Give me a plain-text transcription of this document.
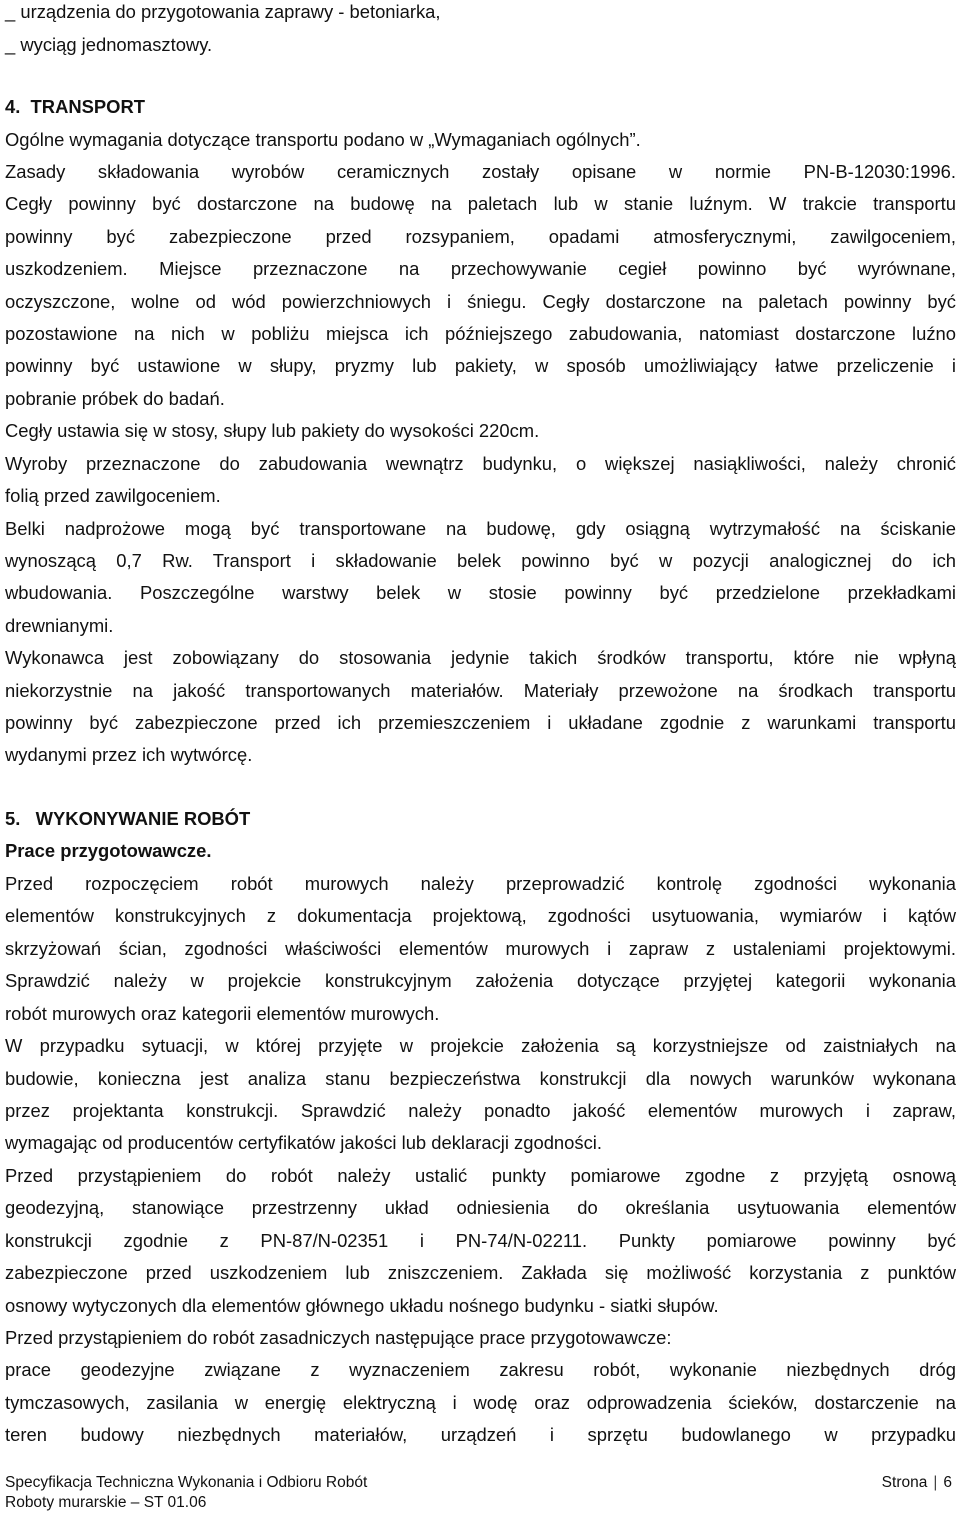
_ urządzenia do przygotowania zaprawy - betoniarka,
_ wyciąg jednomasztowy.
4.  TRANSPORT
Ogólne wymagania dotyczące transportu podano w „Wymaganiach ogólnych”.
Zasady składowania wyrobów ceramicznych zostały opisane w normie PN-B-12030:1996.
Cegły powinny być dostarczone na budowę na paletach lub w stanie luźnym. W trakcie transportu
powinny być zabezpieczone przed rozsypaniem, opadami atmosferycznymi, zawilgoceniem,
uszkodzeniem. Miejsce przeznaczone na przechowywanie cegieł powinno być wyrównane,
oczyszczone, wolne od wód powierzchniowych i śniegu. Cegły dostarczone na paletach powinny być
pozostawione na nich w pobliżu miejsca ich późniejszego zabudowania, natomiast dostarczone luźno
powinny być ustawione w słupy, pryzmy lub pakiety, w sposób umożliwiający łatwe przeliczenie i
pobranie próbek do badań.
Cegły ustawia się w stosy, słupy lub pakiety do wysokości 220cm.
Wyroby przeznaczone do zabudowania wewnątrz budynku, o większej nasiąkliwości, należy chronić
folią przed zawilgoceniem.
Belki nadprożowe mogą być transportowane na budowę, gdy osiągną wytrzymałość na ściskanie
wynoszącą 0,7 Rw. Transport i składowanie belek powinno być w pozycji analogicznej do ich
wbudowania. Poszczególne warstwy belek w stosie powinny być przedzielone przekładkami
drewnianymi.
Wykonawca jest zobowiązany do stosowania jedynie takich środków transportu, które nie wpłyną
niekorzystnie na jakość transportowanych materiałów. Materiały przewożone na środkach transportu
powinny być zabezpieczone przed ich przemieszczeniem i układane zgodnie z warunkami transportu
wydanymi przez ich wytwórcę.
5.   WYKONYWANIE ROBÓT
Prace przygotowawcze.
Przed rozpoczęciem robót murowych należy przeprowadzić kontrolę zgodności wykonania
elementów konstrukcyjnych z dokumentacja projektową, zgodności usytuowania, wymiarów i kątów
skrzyżowań ścian, zgodności właściwości elementów murowych i zapraw z ustaleniami projektowymi.
Sprawdzić należy w projekcie konstrukcyjnym założenia dotyczące przyjętej kategorii wykonania
robót murowych oraz kategorii elementów murowych.
W przypadku sytuacji, w której przyjęte w projekcie założenia są korzystniejsze od zaistniałych na
budowie, konieczna jest analiza stanu bezpieczeństwa konstrukcji dla nowych warunków wykonana
przez projektanta konstrukcji. Sprawdzić należy ponadto jakość elementów murowych i zapraw,
wymagając od producentów certyfikatów jakości lub deklaracji zgodności.
Przed przystąpieniem do robót należy ustalić punkty pomiarowe zgodne z przyjętą osnową
geodezyjną, stanowiące przestrzenny układ odniesienia do określania usytuowania elementów
konstrukcji zgodnie z PN-87/N-02351 i PN-74/N-02211. Punkty pomiarowe powinny być
zabezpieczone przed uszkodzeniem lub zniszczeniem. Zakłada się możliwość korzystania z punktów
osnowy wytyczonych dla elementów głównego układu nośnego budynku - siatki słupów.
Przed przystąpieniem do robót zasadniczych następujące prace przygotowawcze:
prace geodezyjne związane z wyznaczeniem zakresu robót, wykonanie niezbędnych dróg
tymczasowych, zasilania w energię elektryczną i wodę oraz odprowadzenia ścieków, dostarczenie na
teren budowy niezbędnych materiałów, urządzeń i sprzętu budowlanego w przypadku
Specyfikacja Techniczna Wykonania i Odbioru Robót
Roboty murarskie – ST 01.06
Strona | 6
